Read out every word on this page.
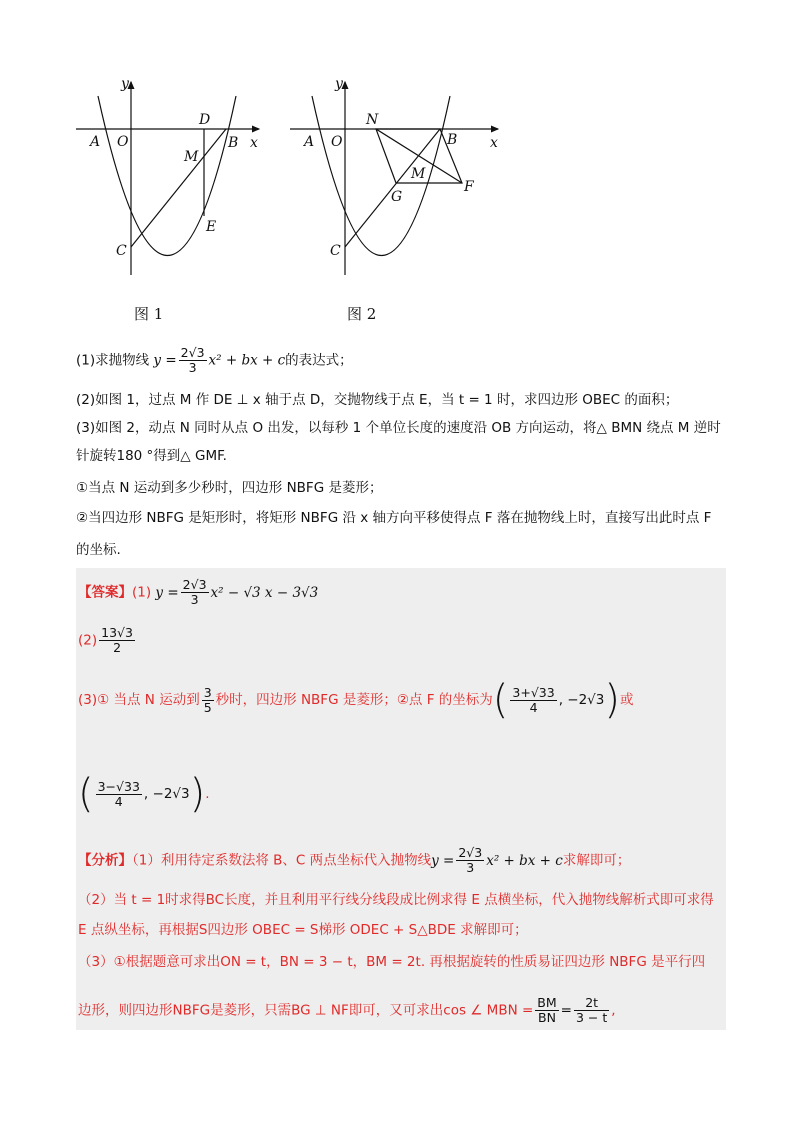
y
x
A O
D
B
M
E
C
图 1
y
x
A O
N
B
M
G
F
C
图 2
(1)求抛物线 $y = \frac{2√3}{3} x^2$ + bx + c的表达式；
(2)如图 1，过点 M 作 DE ⊥ x 轴于点 D，交抛物线于点 E，当 t = 1 时，求四边形 OBEC 的面积；
(3)如图 2，动点 N 同时从点 O 出发，以每秒 1 个单位长度的速度沿 OB 方向运动，将△ BMN 绕点 M 逆时
针旋转180 °得到△ GMF.
①当点 N 运动到多少秒时，四边形 NBFG 是菱形；
②当四边形 NBFG 是矩形时，将矩形 NBFG 沿 x 轴方向平移使得点 F 落在抛物线上时，直接写出此时点 F
的坐标.
【答案】(1) $y = \frac{2√3}{3} x^2 - √3$ x − 3√3
$(2) \frac{13√3}{2}$
(3)① 当点 N 运动到 $\frac{3}{5}$ 秒时，四边形 NBFG 是菱形；②点 F 的坐标为( $\frac{3+√33}{4}$ , −2√3)或
( $\frac{3-√33}{4}$ , −2√3).
【分析】（1）利用待定系数法将 B、C 两点坐标代入抛物线$y = \frac{2√3}{3} x^2$ + bx + c求解即可；
（2）当 t = 1时求得BC长度，并且利用平行线分线段成比例求得 E 点横坐标，代入抛物线解析式即可求得
E 点纵坐标，再根据S四边形 OBEC = S梯形 ODEC + S△BDE 求解即可；
（3）①根据题意可求出ON = t，BN = 3 − t，BM = 2t. 再根据旋转的性质易证四边形 NBFG 是平行四
边形，则四边形NBFG是菱形，只需BG ⊥ NF即可，又可求出cos ∠ MBN = $\frac{BM}{BN} = \frac{2t}{3 - t}$ ,
